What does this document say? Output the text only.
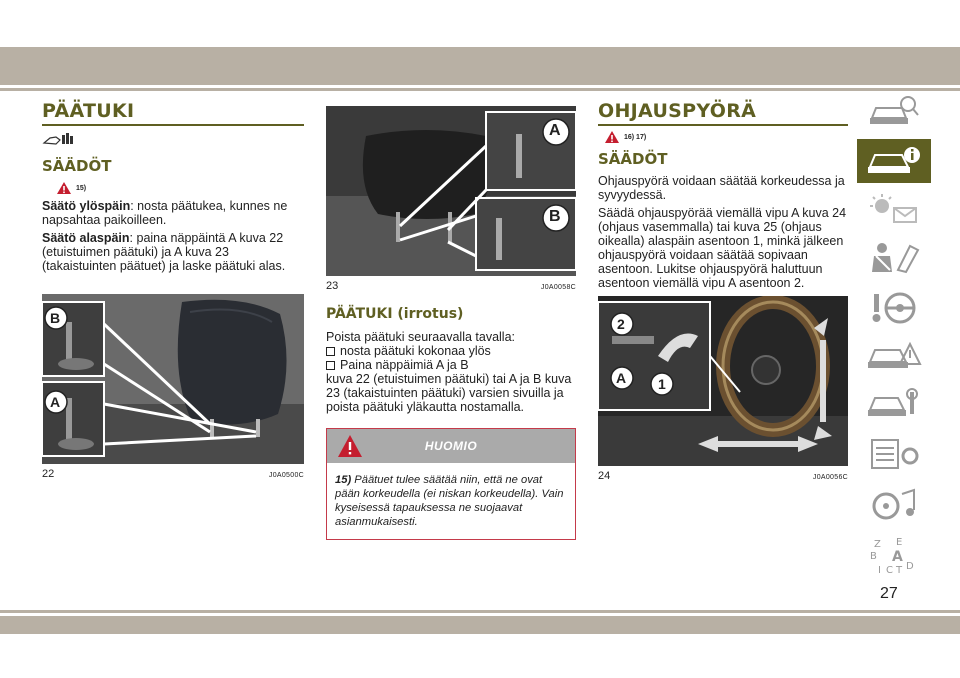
PÄÄTUKI
SÄÄDÖT
15)

Säätö ylöspäin: nosta päätukea, kunnes ne napsahtaa paikoilleen.

Säätö alaspäin: paina näppäintä A kuva 22 (etuistuimen päätuki) ja A kuva 23 (takaistuinten päätuet) ja laske päätuki alas.

B
A
22	J0A0500C
A
B
23	J0A0058C
PÄÄTUKI (irrotus)

Poista päätuki seuraavalla tavalla:

nosta päätuki kokonaa ylös

Paina näppäimiä A ja B

kuva 22 (etuistuimen päätuki) tai A ja B kuva 23 (takaistuinten päätuki) varsien sivuilla ja poista päätuki yläkautta nostamalla.

HUOMIO
15) Päätuet tulee säätää niin, että ne ovat pään korkeudella (ei niskan korkeudella). Vain kyseisessä tapauksessa ne suojaavat asianmukaisesti.
OHJAUSPYÖRÄ
16) 17)
SÄÄDÖT

Ohjauspyörä voidaan säätää korkeudessa ja syvyydessä.

Säädä ohjauspyörää viemällä vipu A kuva 24 (ohjaus vasemmalla) tai kuva 25 (ohjaus oikealla) alaspäin asentoon 1, minkä jälkeen ohjauspyörä voidaan säätää sopivaan asentoon. Lukitse ohjauspyörä haluttuun asentoon viemällä vipu A asentoon 2.

2
A 1
24	J0A0056C
Z E
B A
I C T D
27
